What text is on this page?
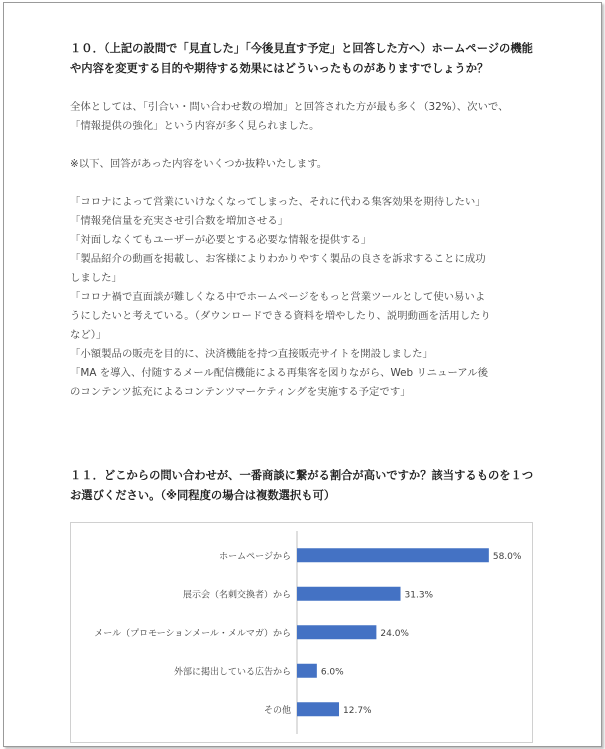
１０．（上記の設問で「見直した」「今後見直す予定」と回答した方へ）ホームページの機能

や内容を変更する目的や期待する効果にはどういったものがありますでしょうか？

全体としては、「引合い・問い合わせ数の増加」と回答された方が最も多く（32%）、次いで、

「情報提供の強化」という内容が多く見られました。

※以下、回答があった内容をいくつか抜粋いたします。

「コロナによって営業にいけなくなってしまった、それに代わる集客効果を期待したい」
「情報発信量を充実させ引合数を増加させる」
「対面しなくてもユーザーが必要とする必要な情報を提供する」
「製品紹介の動画を掲載し、お客様によりわかりやすく製品の良さを訴求することに成功
しました」
「コロナ禍で直面談が難しくなる中でホームページをもっと営業ツールとして使い易いよ
うにしたいと考えている。（ダウンロードできる資料を増やしたり、説明動画を活用したり
など）」
「小額製品の販売を目的に、決済機能を持つ直接販売サイトを開設しました」
「MA を導入、付随するメール配信機能による再集客を図りながら、Web リニューアル後
のコンテンツ拡充によるコンテンツマーケティングを実施する予定です」

１１．どこからの問い合わせが、一番商談に繋がる割合が高いですか？該当するものを１つ

お選びください。（※同程度の場合は複数選択も可）

ホームページから	58.0%
展示会（名刺交換者）から	31.3%
メール（プロモーションメール・メルマガ）から	24.0%
外部に掲出している広告から	6.0%
その他	12.7%
